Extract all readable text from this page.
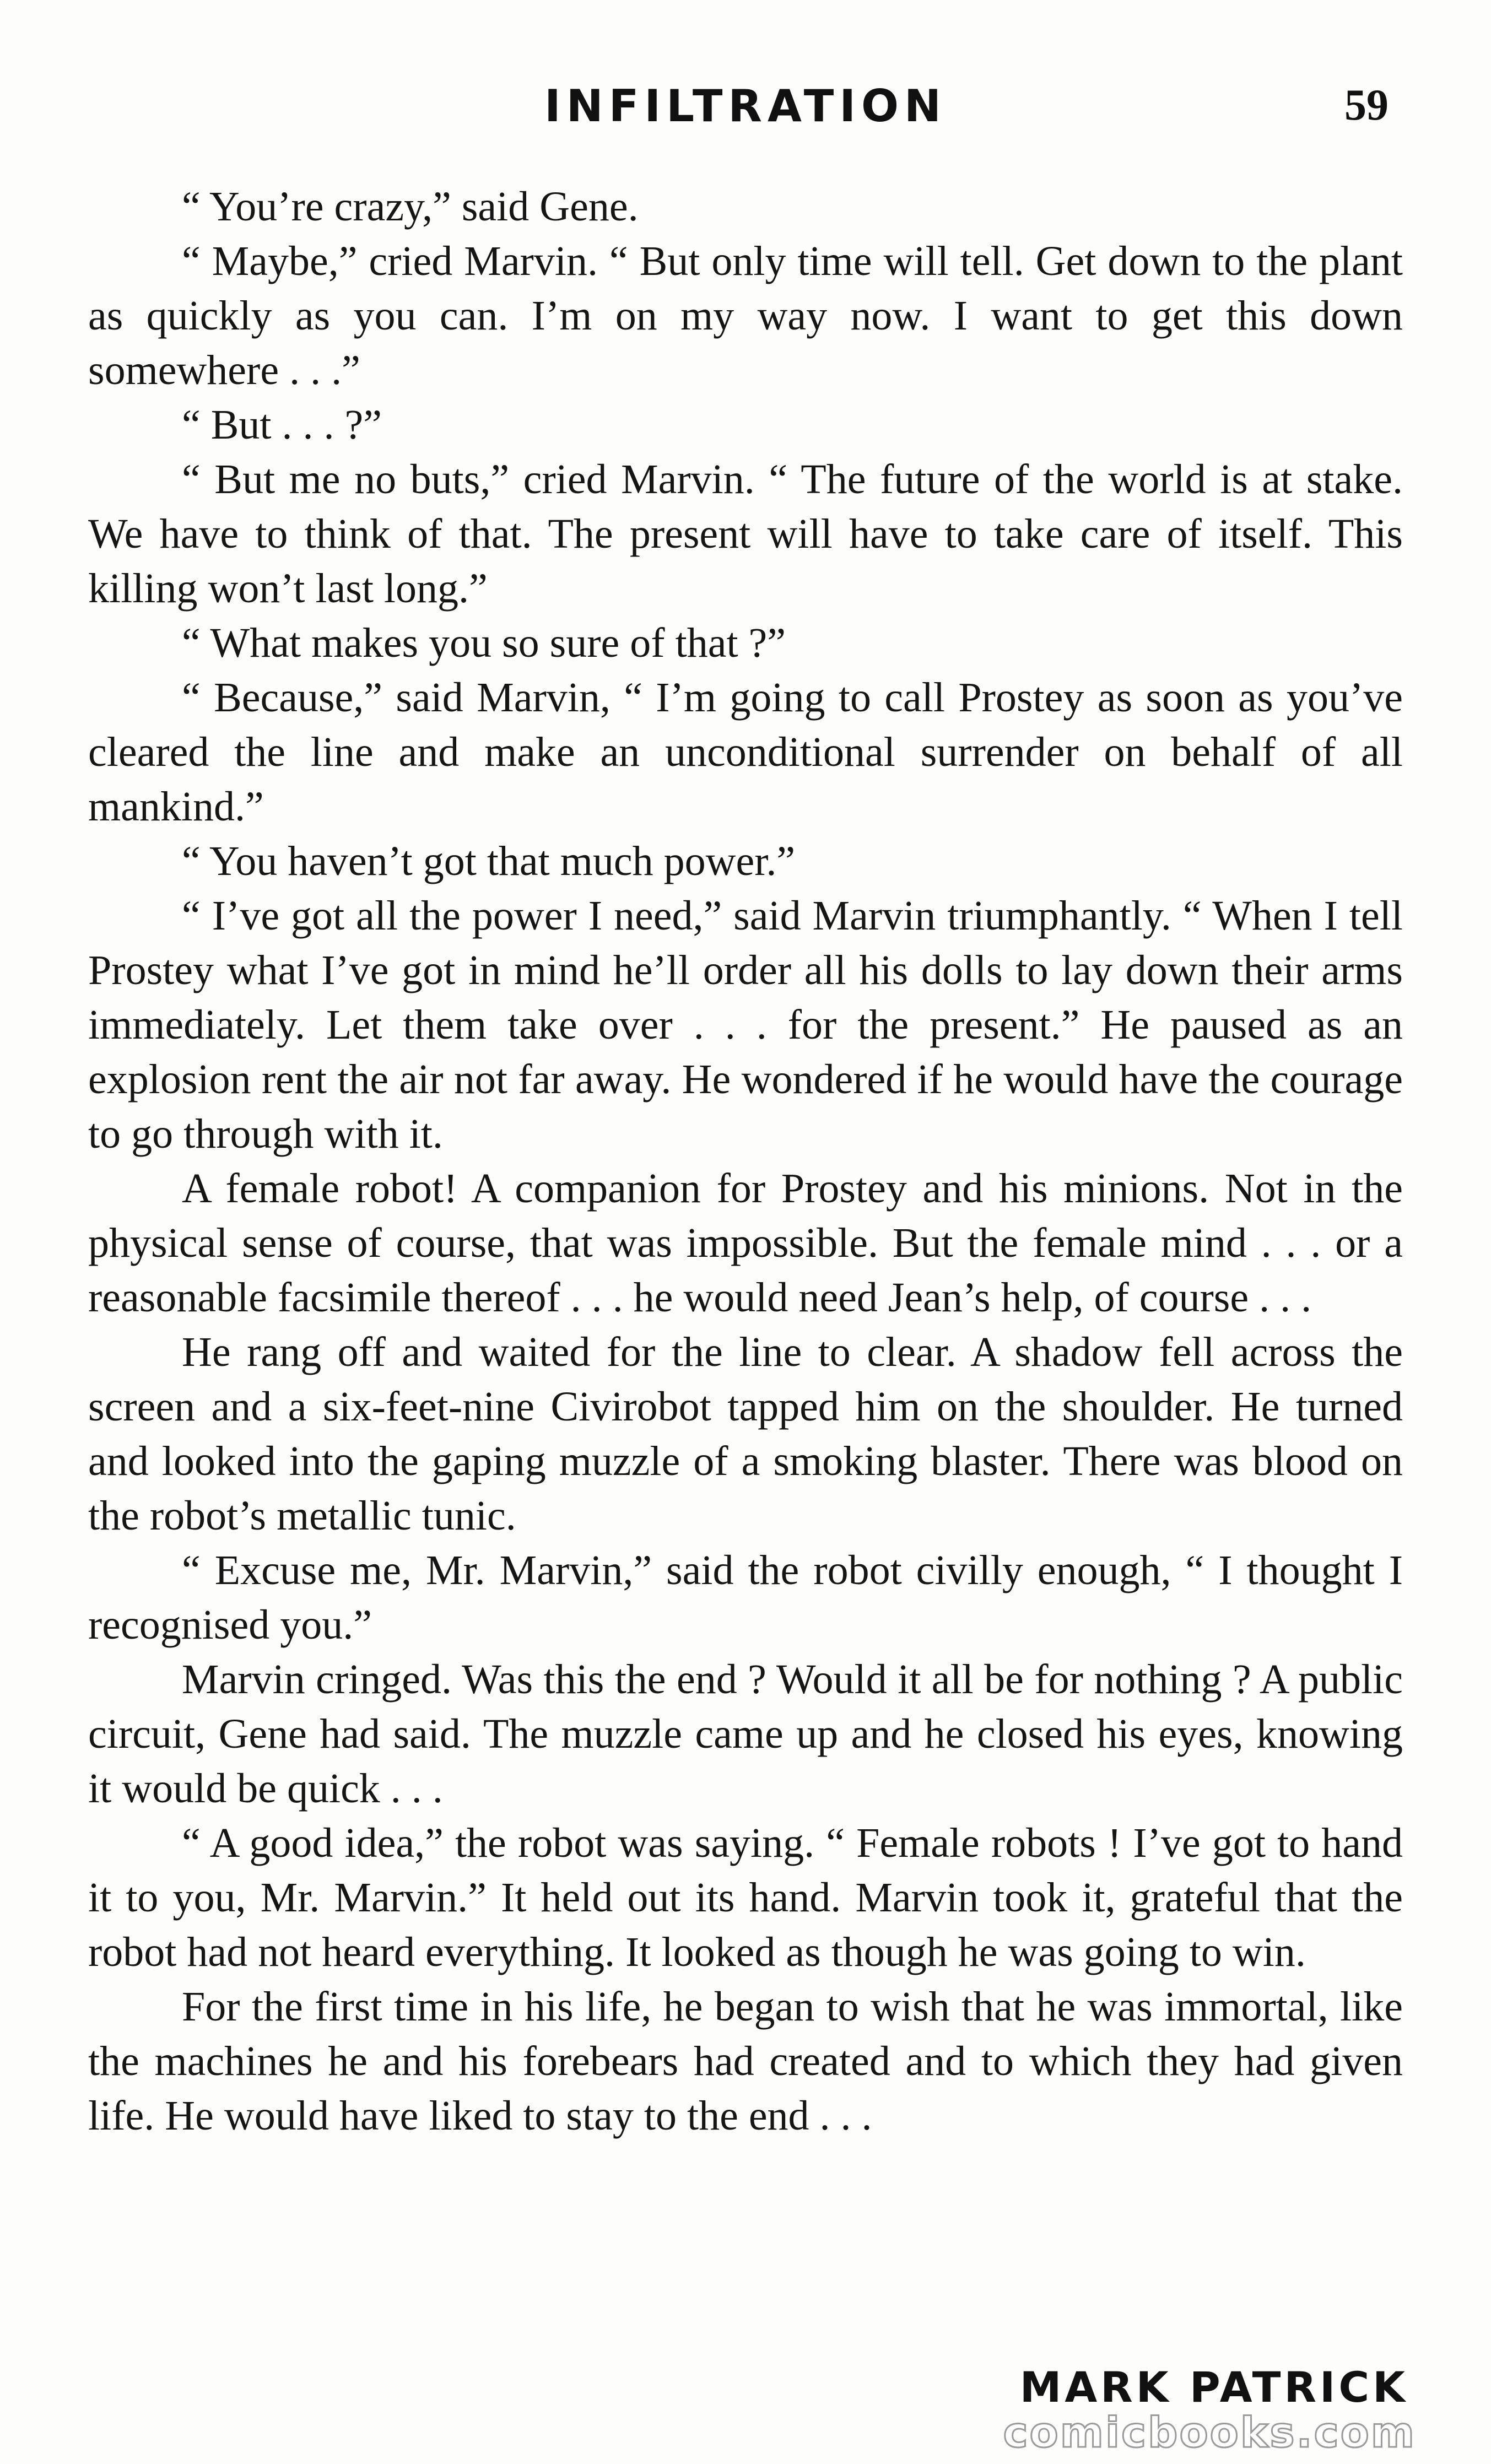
INFILTRATION	59

“ You’re crazy,” said Gene.

“ Maybe,” cried Marvin. “ But only time will tell. Get down to the plant as quickly as you can. I’m on my way now. I want to get this down somewhere . . .”

“ But . . . ?”

“ But me no buts,” cried Marvin. “ The future of the world is at stake. We have to think of that. The present will have to take care of itself. This killing won’t last long.”

“ What makes you so sure of that ?”

“ Because,” said Marvin, “ I’m going to call Prostey as soon as you’ve cleared the line and make an unconditional surrender on behalf of all mankind.”

“ You haven’t got that much power.”

“ I’ve got all the power I need,” said Marvin triumphantly. “ When I tell Prostey what I’ve got in mind he’ll order all his dolls to lay down their arms immediately. Let them take over . . . for the present.” He paused as an explosion rent the air not far away. He wondered if he would have the courage to go through with it.

A female robot! A companion for Prostey and his minions. Not in the physical sense of course, that was impossible. But the female mind . . . or a reasonable facsimile thereof . . . he would need Jean’s help, of course . . .

He rang off and waited for the line to clear. A shadow fell across the screen and a six-feet-nine Civirobot tapped him on the shoulder. He turned and looked into the gaping muzzle of a smoking blaster. There was blood on the robot’s metallic tunic.

“ Excuse me, Mr. Marvin,” said the robot civilly enough, “ I thought I recognised you.”

Marvin cringed. Was this the end ? Would it all be for nothing ? A public circuit, Gene had said. The muzzle came up and he closed his eyes, knowing it would be quick . . .

“ A good idea,” the robot was saying. “ Female robots ! I’ve got to hand it to you, Mr. Marvin.” It held out its hand. Marvin took it, grateful that the robot had not heard everything. It looked as though he was going to win.

For the first time in his life, he began to wish that he was immortal, like the machines he and his forebears had created and to which they had given life. He would have liked to stay to the end . . .

MARK PATRICK
comicbooks.com
